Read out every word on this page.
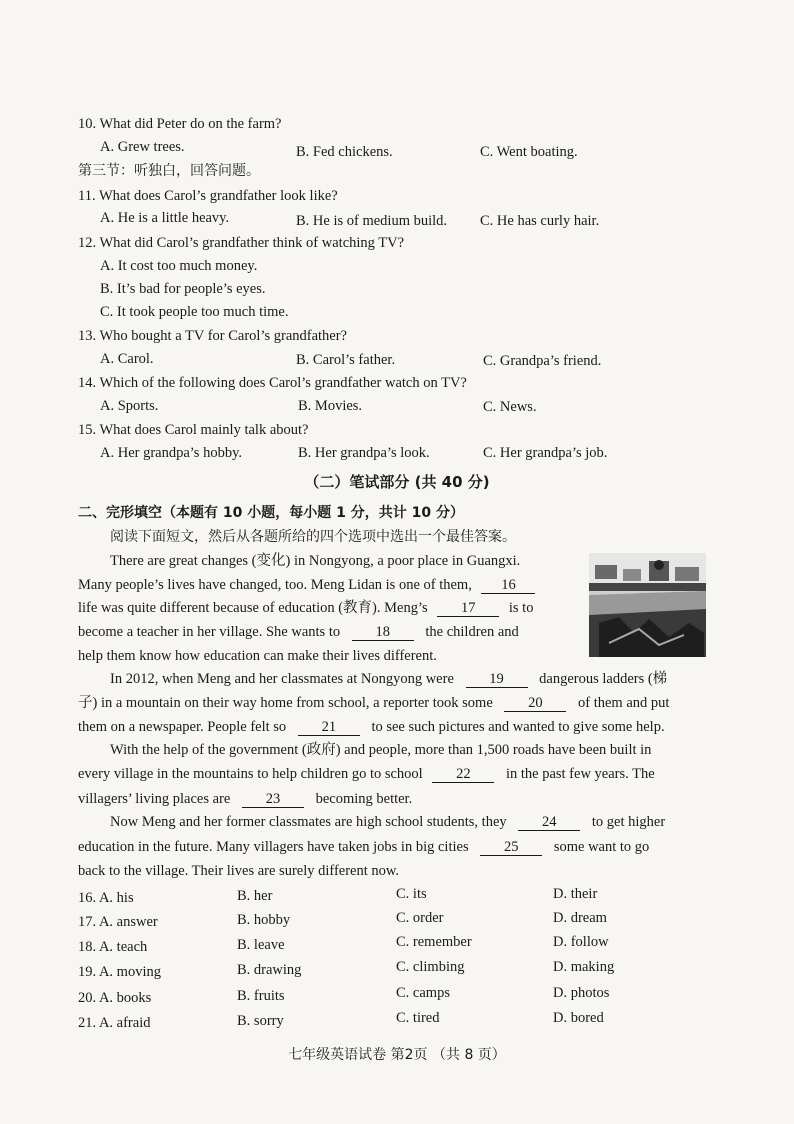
10. What did Peter do on the farm?
A. Grew trees.	B. Fed chickens.	C. Went boating.
第三节：听独白，回答问题。
11. What does Carol’s grandfather look like?
A. He is a little heavy.	B. He is of medium build. C. He has curly hair.
12. What did Carol’s grandfather think of watching TV?
A. It cost too much money.
B. It’s bad for people’s eyes.
C. It took people too much time.
13. Who bought a TV for Carol’s grandfather?
A. Carol.	B. Carol’s father.	C. Grandpa’s friend.
14. Which of the following does Carol’s grandfather watch on TV?
A. Sports.	B. Movies.	C. News.
15. What does Carol mainly talk about?
A. Her grandpa’s hobby.	B. Her grandpa’s look.	C. Her grandpa’s job.
（二）笔试部分 (共 40 分)
二、完形填空（本题有 10 小题，每小题 1 分，共计 10 分）
阅读下面短文，然后从各题所给的四个选项中选出一个最佳答案。
There are great changes (变化) in Nongyong, a poor place in Guangxi.
Many people’s lives have changed, too. Meng Lidan is one of them, 16
life was quite different because of education (教育). Meng’s 17 is to
become a teacher in her village. She wants to 18 the children and
help them know how education can make their lives different.
In 2012, when Meng and her classmates at Nongyong were 19 dangerous ladders (梯
子) in a mountain on their way home from school, a reporter took some 20 of them and put
them on a newspaper. People felt so 21 to see such pictures and wanted to give some help.
With the help of the government (政府) and people, more than 1,500 roads have been built in
every village in the mountains to help children go to school 22 in the past few years. The
villagers’ living places are 23 becoming better.
Now Meng and her former classmates are high school students, they 24 to get higher
education in the future. Many villagers have taken jobs in big cities 25 some want to go
back to the village. Their lives are surely different now.
16. A. his	B. her	C. its	D. their
17. A. answer	B. hobby	C. order	D. dream
18. A. teach	B. leave	C. remember	D. follow
19. A. moving	B. drawing	C. climbing	D. making
20. A. books	B. fruits	C. camps	D. photos
21. A. afraid	B. sorry	C. tired	D. bored
七年级英语试卷 第2页 （共 8 页）
